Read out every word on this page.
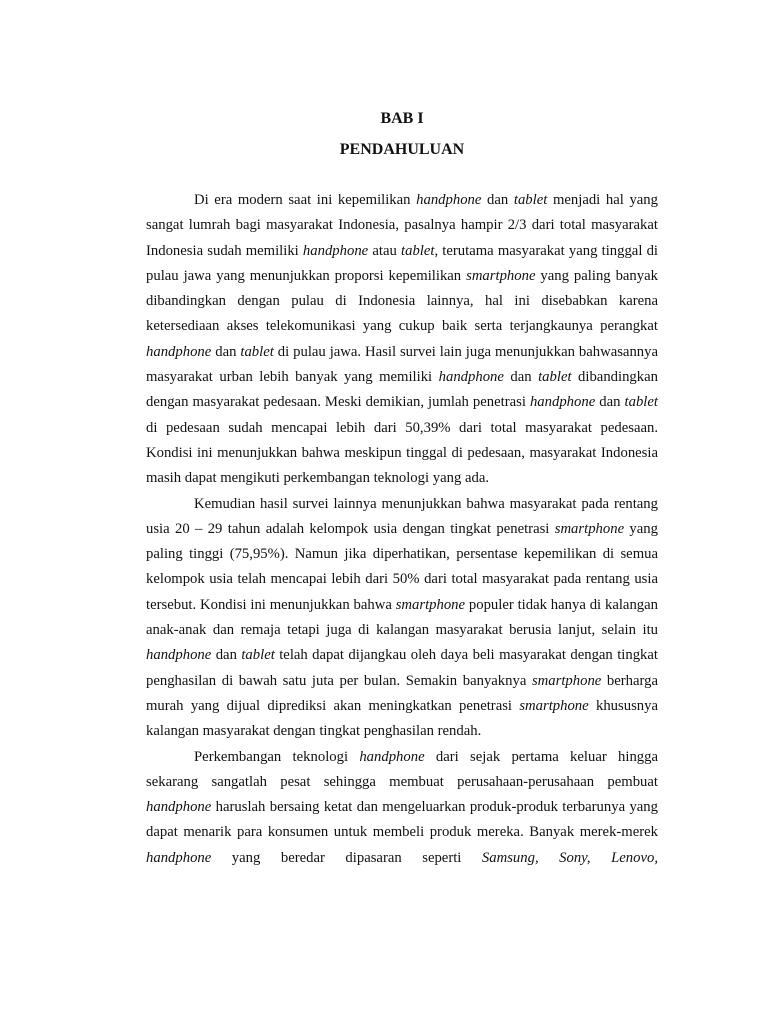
BAB I

PENDAHULUAN

Di era modern saat ini kepemilikan handphone dan tablet menjadi hal yang sangat lumrah bagi masyarakat Indonesia, pasalnya hampir 2/3 dari total masyarakat Indonesia sudah memiliki handphone atau tablet, terutama masyarakat yang tinggal di pulau jawa yang menunjukkan proporsi kepemilikan smartphone yang paling banyak dibandingkan dengan pulau di Indonesia lainnya, hal ini disebabkan karena ketersediaan akses telekomunikasi yang cukup baik serta terjangkaunya perangkat handphone dan tablet di pulau jawa. Hasil survei lain juga menunjukkan bahwasannya masyarakat urban lebih banyak yang memiliki handphone dan tablet dibandingkan dengan masyarakat pedesaan. Meski demikian, jumlah penetrasi handphone dan tablet di pedesaan sudah mencapai lebih dari 50,39% dari total masyarakat pedesaan. Kondisi ini menunjukkan bahwa meskipun tinggal di pedesaan, masyarakat Indonesia masih dapat mengikuti perkembangan teknologi yang ada.

Kemudian hasil survei lainnya menunjukkan bahwa masyarakat pada rentang usia 20 – 29 tahun adalah kelompok usia dengan tingkat penetrasi smartphone yang paling tinggi (75,95%). Namun jika diperhatikan, persentase kepemilikan di semua kelompok usia telah mencapai lebih dari 50% dari total masyarakat pada rentang usia tersebut. Kondisi ini menunjukkan bahwa smartphone populer tidak hanya di kalangan anak-anak dan remaja tetapi juga di kalangan masyarakat berusia lanjut, selain itu handphone dan tablet telah dapat dijangkau oleh daya beli masyarakat dengan tingkat penghasilan di bawah satu juta per bulan. Semakin banyaknya smartphone berharga murah yang dijual diprediksi akan meningkatkan penetrasi smartphone khususnya kalangan masyarakat dengan tingkat penghasilan rendah.

Perkembangan teknologi handphone dari sejak pertama keluar hingga sekarang sangatlah pesat sehingga membuat perusahaan-perusahaan pembuat handphone haruslah bersaing ketat dan mengeluarkan produk-produk terbarunya yang dapat menarik para konsumen untuk membeli produk mereka. Banyak merek-merek handphone yang beredar dipasaran seperti Samsung, Sony, Lenovo,
